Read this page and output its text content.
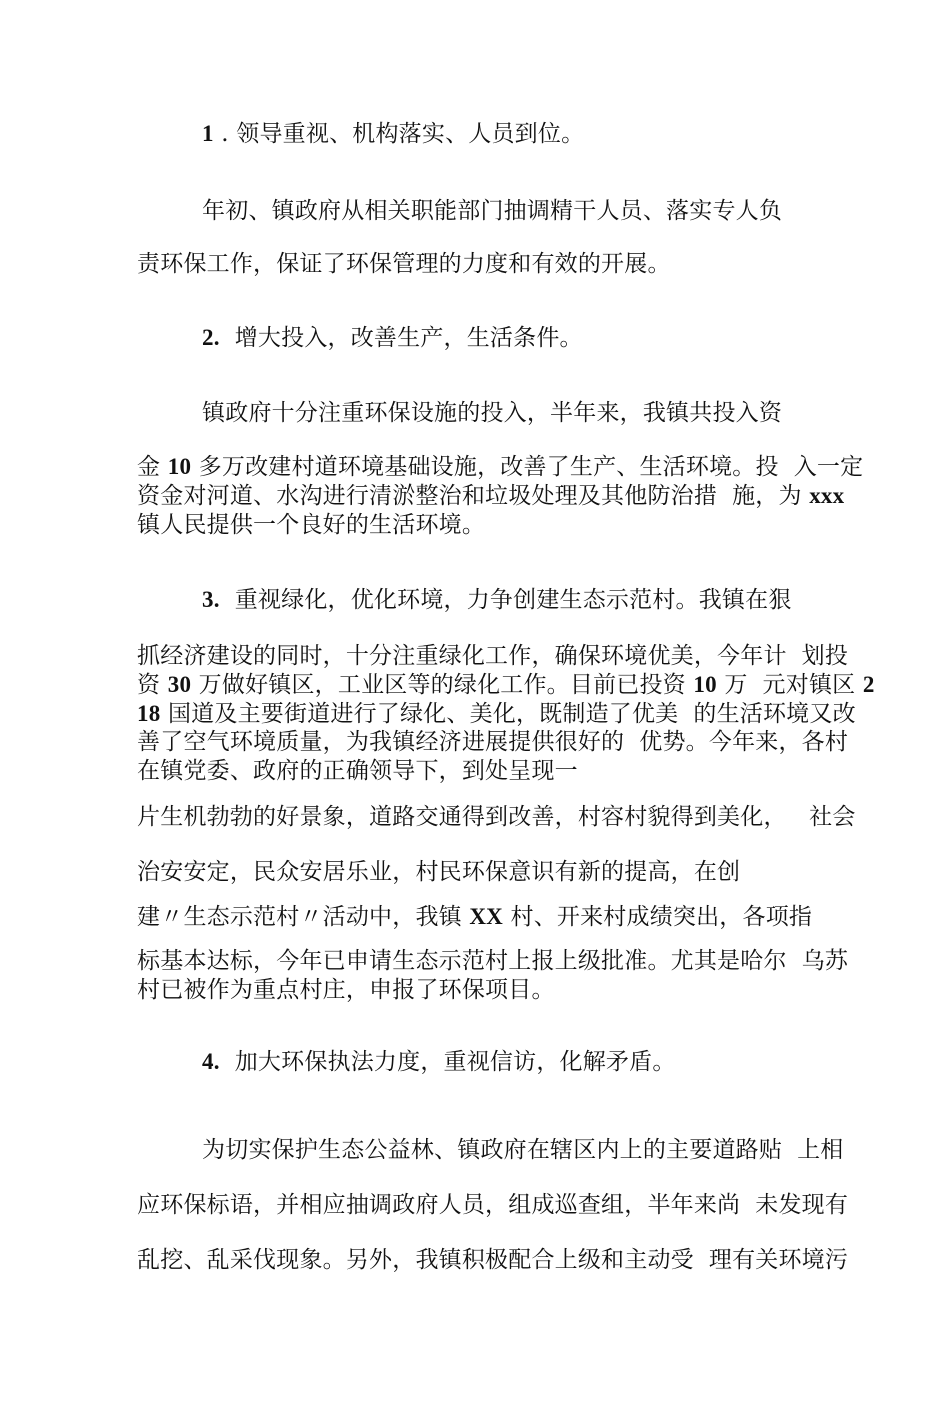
1 . 领导重视、机构落实、人员到位。

年初、镇政府从相关职能部门抽调精干人员、落实专人负

责环保工作，保证了环保管理的力度和有效的开展。

2.  增大投入，改善生产，生活条件。

镇政府十分注重环保设施的投入，半年来，我镇共投入资

金 10 多万改建村道环境基础设施，改善了生产、生活环境。投  入一定

资金对河道、水沟进行清淤整治和垃圾处理及其他防治措  施，为 xxx

镇人民提供一个良好的生活环境。

3.  重视绿化，优化环境，力争创建生态示范村。我镇在狠

抓经济建设的同时，十分注重绿化工作，确保环境优美，今年计  划投

资 30 万做好镇区，工业区等的绿化工作。目前已投资 10 万  元对镇区 2

18 国道及主要街道进行了绿化、美化，既制造了优美  的生活环境又改

善了空气环境质量，为我镇经济进展提供很好的  优势。今年来，各村

在镇党委、政府的正确领导下，到处呈现一

片生机勃勃的好景象，道路交通得到改善，村容村貌得到美化，   社会

治安安定，民众安居乐业，村民环保意识有新的提高，在创

建〃生态示范村〃活动中，我镇 XX 村、开来村成绩突出，各项指

标基本达标，今年已申请生态示范村上报上级批准。尤其是哈尔  乌苏

村已被作为重点村庄，申报了环保项目。

4.  加大环保执法力度，重视信访，化解矛盾。

为切实保护生态公益林、镇政府在辖区内上的主要道路贴  上相

应环保标语，并相应抽调政府人员，组成巡查组，半年来尚  未发现有

乱挖、乱采伐现象。另外，我镇积极配合上级和主动受  理有关环境污
